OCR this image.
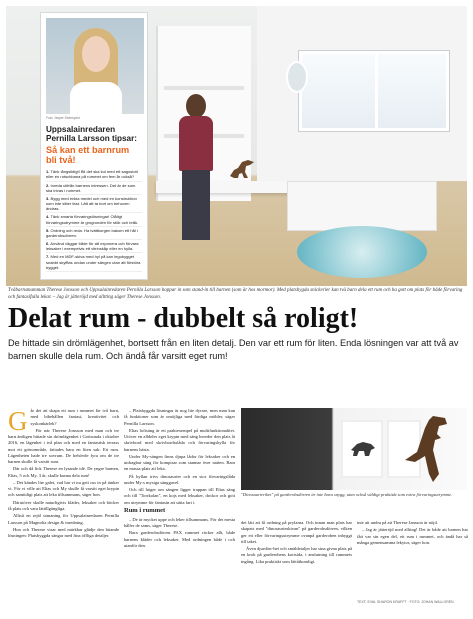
Foto: Jesper Sederqvist
Uppsalainredaren Pernilla Larsson tipsar:
Så kan ett barnrum bli två!
1. Tänk långsiktigt! Bli det ska kul med ett sagoslott eller en rutschbana på rummet om fem år också?
2. Inreda utifrån barnens intressen. Det är de som ska trivas i rummet.
3. Bygg med enkla medel och med en konstruktion som inte sitter fast. Lätt att ta bort om behoven ändras.
4. Tänk smarta förvaringslösningar! Olåligt förvaringsutrymme är grogrunden för stök och bråk.
5. Ordning och reda. Ha tvättkorgen bakom ett hål i garderobsdörren.
6. Använd väggar både för att exponera och förvara leksaker i exempelvis ett vitrinskåp eller en hylla.
7. Med en MDF-skiva med hyl på kan legobygget snabbt skyfflas undan under sängen utan att förstöra bygget.
Tvåbarnsmamman Therese Jonsson och Uppsalainredaren Pernilla Larsson hoppar in som stand-in till barnen (som är hos mormor). Med platsbygda snickerier kan tvä barn dela ett rum och ha gott om plats för både förvaring och fantasifulla lekar. – Jag är jätteröjd med alltting säger Therese Jonsson.
Delat rum - dubbelt så roligt!
De hittade sin drömlägenhet, bortsett från en liten detalj. Den var ett rum för liten. Enda lösningen var att två av barnen skulle dela rum. Och ändå får varsitt eget rum!

Går det att skapa ett rum i rummet för två barn, med bibehållen fantasi, kreativitet och syskonkärlek?

För när Therese Jonsson med man och tre barn äntligen hittade sin drömlägenhet i Gottsunda i oktober 2016, en lägenhet i två plan och med en fantastisk terrass mot ett grönområde, fattades bara en liten sak: Ett rum. Lägenheten hade tre sovrum. De behövde fyra om de tre barnen skulle få varsitt rum.

Där och då fick Therese en lysande idé. De yngre barnen, Elias, 5 och My, 3 år, skulle kunna dela rum!

– Det kändes lite galet, vad har vi nu gett oss in på tänker vi. För vi ville att Elias och My skulle få varsitt eget krypin och samtidigt plats att leka tillsammans, säger hon.

Därutöver skulle naturligtvis kläder, leksaker och böcker få plats och vara lättillgängliga.

Alltså en rejäl utmaning för Uppsalainredaren Pernilla Larsson på Magnolia design & inredning.

Hon och Therese visar med märkbar glädje den bitande lösningen: Platsbyggda sängar med fina öffliga detaljer.

– Platsbyggda lösningar är nog lite dyrare, men man kan få funktioner som är omöjliga med färdiga möbler, säger Pernilla Larsson.

Elias loftsäng är ett praktexempel på multifunktionalitet. Utöver en alldeles eget krypin med säng bereder den plats åt skrivbord med skrivbordsslåda och förvaringshylla för barnens bästa.

Under My-sängen finns djupa lådor för leksaker och en utdragbar säng för kompisar som stannar över natten. Bara en massa plats att leka.

På hyllan trivs dinosaurier och en stor förvaringslåda under My:s mysiga sänggavel.

Och till höger om sängen ligger trappan till Elias säng och till "Torrkolan", en kojs med leksaker, dockor och gott om utrymme för fantasin att sätta fart i.

Rum i rummet

– De är mycket uppe och leker tillsammans. För det mesta håller de sams, säger Therese.

Bara garderobsdörren PAX rummet räcker allt, både barnens kläder och leksaker. Med ordningen både i och utanför den.

"Dinosaurieriket" på garderobsdörren är inte bara snygg, utan också väldigt praktiskt som extra förvaringsutrymme.

det lätt att få ordning på prylarna. Och innan man plats har skapats med "dinosaurieskivan" på garderobsdörren, vilken ger ett eller förvaringsutrymme ovanpå garderoben inbyggt till taket.

Även djurdörr-het och smäldetaljer har sina givna plats på en krok på garderobens kortsida, i anslutning till rummets ingång. Lika praktiskt som lättåtkomligt.

inte att undra på att Therese Jansson är nöjd.

– Jag är jätteröjd med allting! Det är både att barnen har fått var sin egen del, ett rum i rummet, och ändå har så många gemensamma lekytor, säger hon.

TEXT: EVAL SHARON KRAFFT · FOTO: JOHAN WALLGREN
